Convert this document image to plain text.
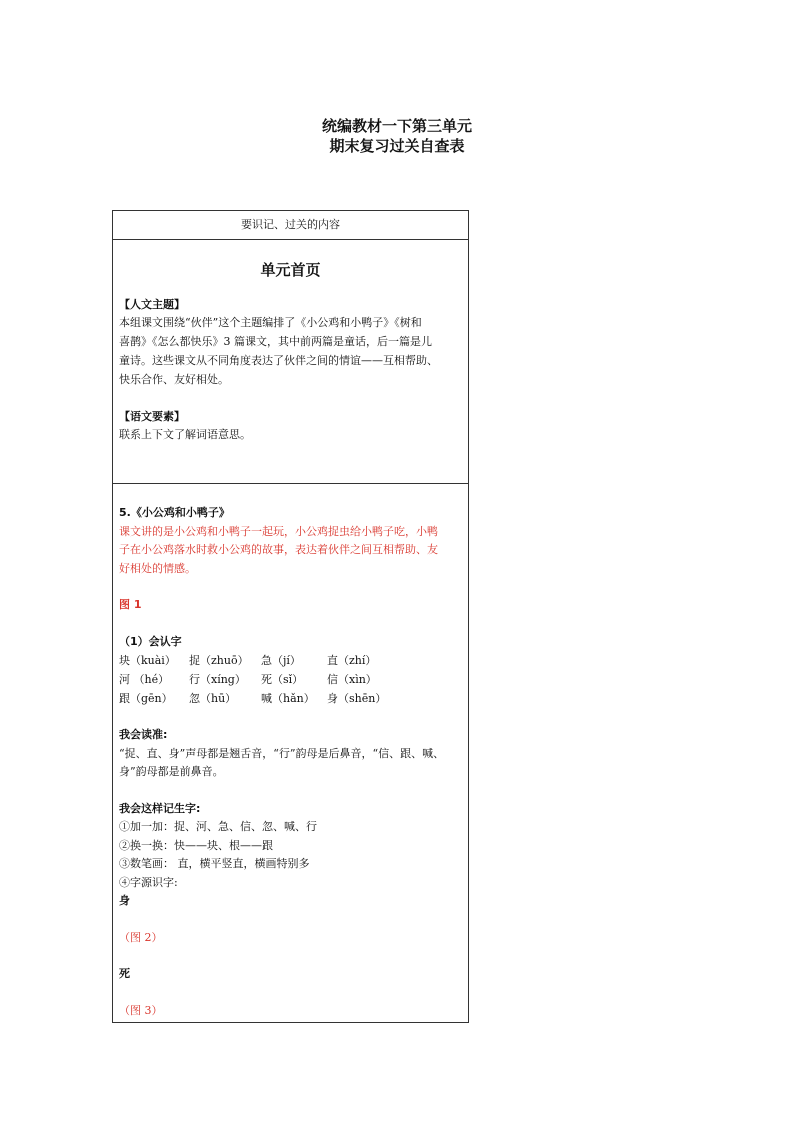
统编教材一下第三单元
期末复习过关自查表
要识记、过关的内容
单元首页
【人文主题】
本组课文围绕“伙伴”这个主题编排了《小公鸡和小鸭子》《树和
喜鹊》《怎么都快乐》3 篇课文，其中前两篇是童话，后一篇是儿
童诗。这些课文从不同角度表达了伙伴之间的情谊——互相帮助、
快乐合作、友好相处。
【语文要素】
联系上下文了解词语意思。
5.《小公鸡和小鸭子》
课文讲的是小公鸡和小鸭子一起玩，小公鸡捉虫给小鸭子吃，小鸭
子在小公鸡落水时救小公鸡的故事，表达着伙伴之间互相帮助、友
好相处的情感。
图 1
（1）会认字
块（kuài）	捉（zhuō）	急（jí）	直（zhí）
河 （hé）	行（xíng）	死（sǐ）	信（xìn）
跟（gēn）	忽（hū）	喊（hǎn）	身（shēn）
我会读准:
“捉、直、身”声母都是翘舌音，“行”韵母是后鼻音，“信、跟、喊、
身”韵母都是前鼻音。
我会这样记生字:
①加一加：捉、河、急、信、忽、喊、行
②换一换：快——块、根——跟
③数笔画： 直，横平竖直，横画特别多
④字源识字:
身
（图 2）
死
（图 3）
